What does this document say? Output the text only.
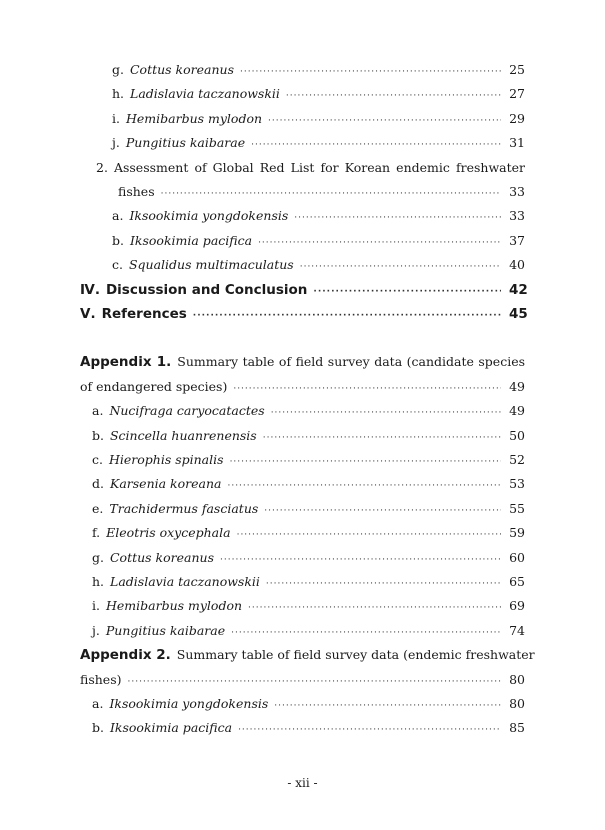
g. Cottus koreanus ·····	25
h. Ladislavia taczanowskii ·····	27
i. Hemibarbus mylodon ·····	29
j. Pungitius kaibarae ·····	31
2. Assessment of Global Red List for Korean endemic freshwater
fishes ·····	33
a. Iksookimia yongdokensis ·····	33
b. Iksookimia pacifica ·····	37
c. Squalidus multimaculatus ·····	40
Ⅳ. Discussion and Conclusion ·····	42
Ⅴ. References ·····	45
Appendix 1. Summary table of field survey data (candidate species
of endangered species) ·····	49
a. Nucifraga caryocatactes ·····	49
b. Scincella huanrenensis ·····	50
c. Hierophis spinalis ·····	52
d. Karsenia koreana ·····	53
e. Trachidermus fasciatus ·····	55
f. Eleotris oxycephala ·····	59
g. Cottus koreanus ·····	60
h. Ladislavia taczanowskii ·····	65
i. Hemibarbus mylodon ·····	69
j. Pungitius kaibarae ·····	74
Appendix 2. Summary table of field survey data (endemic freshwater
fishes) ·····	80
a. Iksookimia yongdokensis ·····	80
b. Iksookimia pacifica ·····	85
- xii -
